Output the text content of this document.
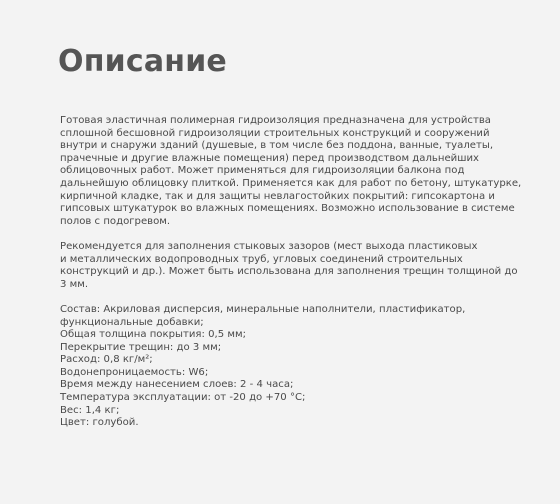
Описание

Готовая эластичная полимерная гидроизоляция предназначена для устройства
сплошной бесшовной гидроизоляции строительных конструкций и сооружений
внутри и снаружи зданий (душевые, в том числе без поддона, ванные, туалеты,
прачечные и другие влажные помещения) перед производством дальнейших
облицовочных работ. Может применяться для гидроизоляции балкона под
дальнейшую облицовку плиткой. Применяется как для работ по бетону, штукатурке,
кирпичной кладке, так и для защиты невлагостойких покрытий: гипсокартона и
гипсовых штукатурок во влажных помещениях. Возможно использование в системе
полов с подогревом.

Рекомендуется для заполнения стыковых зазоров (мест выхода пластиковых
и металлических водопроводных труб, угловых соединений строительных
конструкций и др.). Может быть использована для заполнения трещин толщиной до
3 мм.

Состав: Акриловая дисперсия, минеральные наполнители, пластификатор,
функциональные добавки;
Общая толщина покрытия: 0,5 мм;
Перекрытие трещин: до 3 мм;
Расход: 0,8 кг/м²;
Водонепроницаемость: W6;
Время между нанесением слоев: 2 - 4 часа;
Температура эксплуатации: от -20 до +70 °С;
Вес: 1,4 кг;
Цвет: голубой.
